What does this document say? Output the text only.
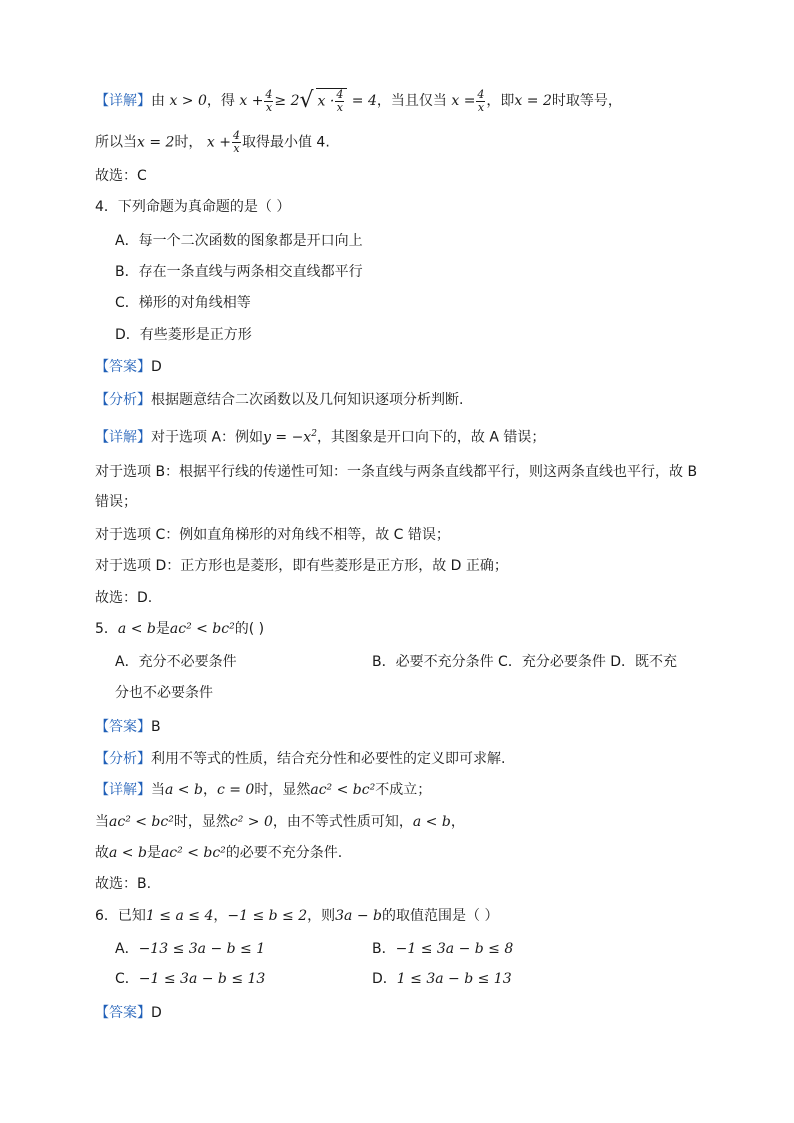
【详解】由 x > 0，得 $x + \frac{4}{x} \ge 2√$ $x \cdot \frac{4}{x} = 4$，当且仅当 $x = \frac{4}{x}$ ，即x = 2时取等号，
所以当x = 2时， $x + \frac{4}{x}$ 取得最小值 4.
故选：C
4．下列命题为真命题的是（ ）
A．每一个二次函数的图象都是开口向上
B．存在一条直线与两条相交直线都平行
C．梯形的对角线相等
D．有些菱形是正方形
【答案】D
【分析】根据题意结合二次函数以及几何知识逐项分析判断.
【详解】对于选项 A：例如$y = -x^2$，其图象是开口向下的，故 A 错误；
对于选项 B：根据平行线的传递性可知：一条直线与两条直线都平行，则这两条直线也平行，故 B
错误；
对于选项 C：例如直角梯形的对角线不相等，故 C 错误；
对于选项 D：正方形也是菱形，即有些菱形是正方形，故 D 正确；
故选：D.
5．a < b是ac² < bc²的( )
A．充分不必要条件	B．必要不充分条件 C．充分必要条件 D．既不充
分也不必要条件
【答案】B
【分析】利用不等式的性质，结合充分性和必要性的定义即可求解.
【详解】当a < b，c = 0时，显然ac² < bc²不成立；
当ac² < bc²时，显然c² > 0，由不等式性质可知，a < b，
故a < b是ac² < bc²的必要不充分条件.
故选：B.
6．已知1 ≤ a ≤ 4，−1 ≤ b ≤ 2，则3a − b的取值范围是（ ）
A．−13 ≤ 3a − b ≤ 1	B．−1 ≤ 3a − b ≤ 8
C．−1 ≤ 3a − b ≤ 13	D．1 ≤ 3a − b ≤ 13
【答案】D
